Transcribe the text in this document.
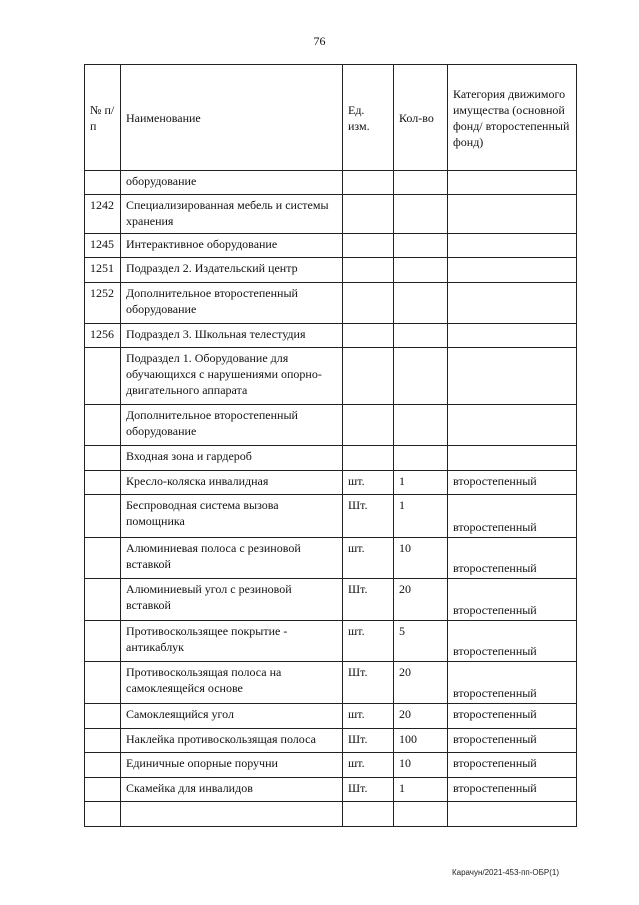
76
№ п/п	Наименование	Ед. изм.	Кол-во	Категория движимого имущества (основной фонд/ второстепенный фонд)
	оборудование			
1242	Специализированная мебель и системы хранения			
1245	Интерактивное оборудование			
1251	Подраздел 2. Издательский центр			
1252	Дополнительное второстепенный оборудование			
1256	Подраздел 3. Школьная телестудия			
	Подраздел 1. Оборудование для обучающихся с нарушениями опорно-двигательного аппарата			
	Дополнительное второстепенный оборудование			
	Входная зона и гардероб			
	Кресло-коляска инвалидная	шт.	1	второстепенный
	Беспроводная система вызова помощника	Шт.	1	второстепенный
	Алюминиевая полоса с резиновой вставкой	шт.	10	второстепенный
	Алюминиевый угол с резиновой вставкой	Шт.	20	второстепенный
	Противоскользящее покрытие - антикаблук	шт.	5	второстепенный
	Противоскользящая полоса на самоклеящейся основе	Шт.	20	второстепенный
	Самоклеящийся угол	шт.	20	второстепенный
	Наклейка противоскользящая полоса	Шт.	100	второстепенный
	Единичные опорные поручни	шт.	10	второстепенный
	Скамейка для инвалидов	Шт.	1	второстепенный

Карачун/2021-453-пп-ОБР(1)
